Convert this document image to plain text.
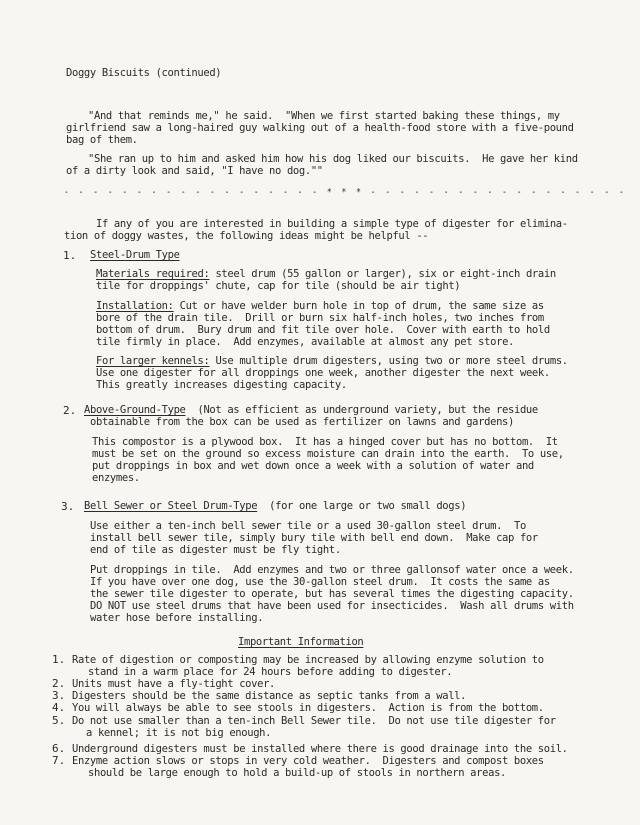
Doggy Biscuits (continued)
"And that reminds me," he said.  "When we first started baking these things, my
girlfriend saw a long-haired guy walking out of a health-food store with a five-pound
bag of them.
"She ran up to him and asked him how his dog liked our biscuits.  He gave her kind
of a dirty look and said, "I have no dog.""
- - - - - - - - - - - - - - - - - - * * * - - - - - - - - - - - - - - - - - -
If any of you are interested in building a simple type of digester for elimina-
tion of doggy wastes, the following ideas might be helpful --
1. Steel-Drum Type
Materials required: steel drum (55 gallon or larger), six or eight-inch drain
tile for droppings' chute, cap for tile (should be air tight)
Installation: Cut or have welder burn hole in top of drum, the same size as
bore of the drain tile.  Drill or burn six half-inch holes, two inches from
bottom of drum.  Bury drum and fit tile over hole.  Cover with earth to hold
tile firmly in place.  Add enzymes, available at almost any pet store.
For larger kennels: Use multiple drum digesters, using two or more steel drums.
Use one digester for all droppings one week, another digester the next week.
This greatly increases digesting capacity.
2. Above-Ground-Type  (Not as efficient as underground variety, but the residue
obtainable from the box can be used as fertilizer on lawns and gardens)
This compostor is a plywood box.  It has a hinged cover but has no bottom.  It
must be set on the ground so excess moisture can drain into the earth.  To use,
put droppings in box and wet down once a week with a solution of water and
enzymes.
3. Bell Sewer or Steel Drum-Type  (for one large or two small dogs)
Use either a ten-inch bell sewer tile or a used 30-gallon steel drum.  To
install bell sewer tile, simply bury tile with bell end down.  Make cap for
end of tile as digester must be fly tight.
Put droppings in tile.  Add enzymes and two or three gallonsof water once a week.
If you have over one dog, use the 30-gallon steel drum.  It costs the same as
the sewer tile digester to operate, but has several times the digesting capacity.
DO NOT use steel drums that have been used for insecticides.  Wash all drums with
water hose before installing.
Important Information
1. Rate of digestion or composting may be increased by allowing enzyme solution to
stand in a warm place for 24 hours before adding to digester.
2. Units must have a fly-tight cover.
3. Digesters should be the same distance as septic tanks from a wall.
4. You will always be able to see stools in digesters.  Action is from the bottom.
5. Do not use smaller than a ten-inch Bell Sewer tile.  Do not use tile digester for
a kennel; it is not big enough.
6. Underground digesters must be installed where there is good drainage into the soil.
7. Enzyme action slows or stops in very cold weather.  Digesters and compost boxes
should be large enough to hold a build-up of stools in northern areas.
